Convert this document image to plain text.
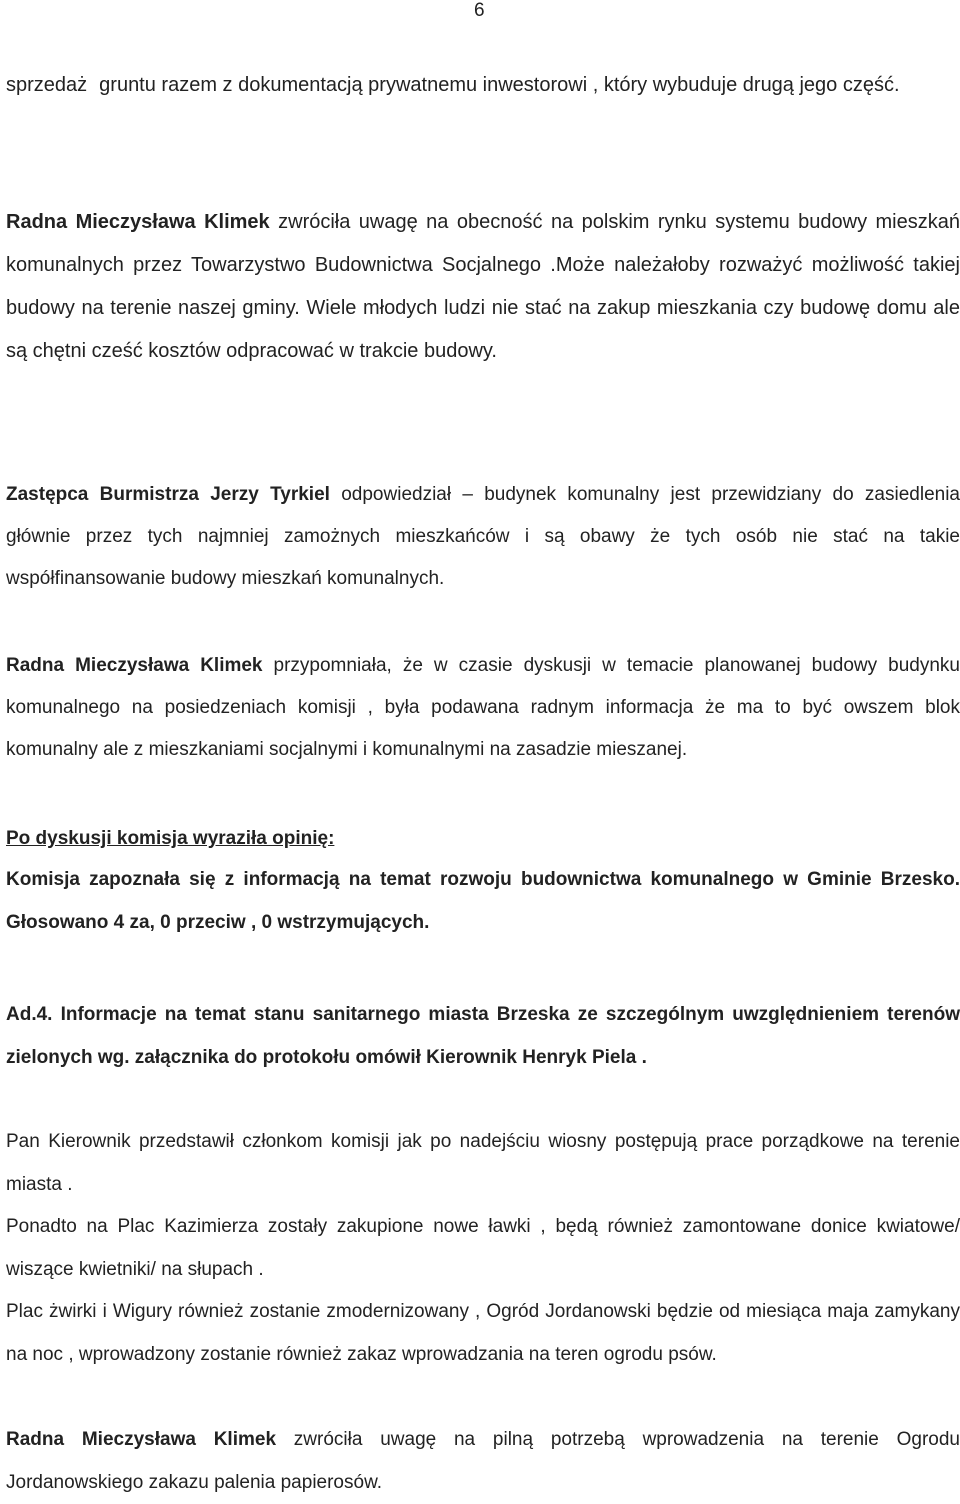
6

sprzedaż gruntu razem z dokumentacją prywatnemu inwestorowi , który wybuduje drugą jego część.

Radna Mieczysława Klimek zwróciła uwagę na obecność na polskim rynku systemu budowy mieszkań komunalnych przez Towarzystwo Budownictwa Socjalnego .Może należałoby rozważyć możliwość takiej budowy na terenie naszej gminy. Wiele młodych ludzi nie stać na zakup mieszkania czy budowę domu ale są chętni cześć kosztów odpracować w trakcie budowy.

Zastępca Burmistrza Jerzy Tyrkiel odpowiedział – budynek komunalny jest przewidziany do zasiedlenia głównie przez tych najmniej zamożnych mieszkańców i są obawy że tych osób nie stać na takie współfinansowanie budowy mieszkań komunalnych.

Radna Mieczysława Klimek przypomniała, że w czasie dyskusji w temacie planowanej budowy budynku komunalnego na posiedzeniach komisji , była podawana radnym informacja że ma to być owszem blok komunalny ale z mieszkaniami socjalnymi i komunalnymi na zasadzie mieszanej.

Po dyskusji komisja wyraziła opinię:

Komisja zapoznała się z informacją na temat rozwoju budownictwa komunalnego w Gminie Brzesko. Głosowano 4 za, 0 przeciw , 0 wstrzymujących.

Ad.4. Informacje na temat stanu sanitarnego miasta Brzeska ze szczególnym uwzględnieniem terenów zielonych wg. załącznika do protokołu omówił Kierownik Henryk Piela .

Pan Kierownik przedstawił członkom komisji jak po nadejściu wiosny postępują prace porządkowe na terenie miasta .

Ponadto na Plac Kazimierza zostały zakupione nowe ławki , będą również zamontowane donice kwiatowe/ wiszące kwietniki/ na słupach .

Plac żwirki i Wigury również zostanie zmodernizowany , Ogród Jordanowski będzie od miesiąca maja zamykany na noc , wprowadzony zostanie również zakaz wprowadzania na teren ogrodu psów.

Radna Mieczysława Klimek zwróciła uwagę na pilną potrzebą wprowadzenia na terenie Ogrodu Jordanowskiego zakazu palenia papierosów.
